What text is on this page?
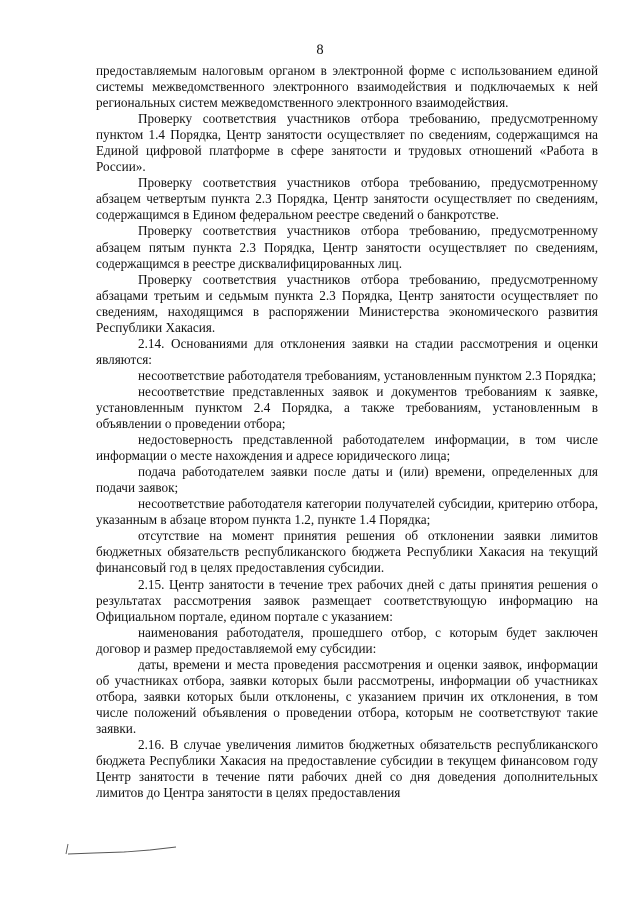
8

предоставляемым налоговым органом в электронной форме с использованием единой системы межведомственного электронного взаимодействия и подключаемых к ней региональных систем межведомственного электронного взаимодействия.

Проверку соответствия участников отбора требованию, предусмотренному пунктом 1.4 Порядка, Центр занятости осуществляет по сведениям, содержащимся на Единой цифровой платформе в сфере занятости и трудовых отношений «Работа в России».

Проверку соответствия участников отбора требованию, предусмотренному абзацем четвертым пункта 2.3 Порядка, Центр занятости осуществляет по сведениям, содержащимся в Едином федеральном реестре сведений о банкротстве.

Проверку соответствия участников отбора требованию, предусмотренному абзацем пятым пункта 2.3 Порядка, Центр занятости осуществляет по сведениям, содержащимся в реестре дисквалифицированных лиц.

Проверку соответствия участников отбора требованию, предусмотренному абзацами третьим и седьмым пункта 2.3 Порядка, Центр занятости осуществляет по сведениям, находящимся в распоряжении Министерства экономического развития Республики Хакасия.

2.14. Основаниями для отклонения заявки на стадии рассмотрения и оценки являются:

несоответствие работодателя требованиям, установленным пунктом 2.3 Порядка;

несоответствие представленных заявок и документов требованиям к заявке, установленным пунктом 2.4 Порядка, а также требованиям, установленным в объявлении о проведении отбора;

недостоверность представленной работодателем информации, в том числе информации о месте нахождения и адресе юридического лица;

подача работодателем заявки после даты и (или) времени, определенных для подачи заявок;

несоответствие работодателя категории получателей субсидии, критерию отбора, указанным в абзаце втором пункта 1.2, пункте 1.4 Порядка;

отсутствие на момент принятия решения об отклонении заявки лимитов бюджетных обязательств республиканского бюджета Республики Хакасия на текущий финансовый год в целях предоставления субсидии.

2.15. Центр занятости в течение трех рабочих дней с даты принятия решения о результатах рассмотрения заявок размещает соответствующую информацию на Официальном портале, едином портале с указанием:

наименования работодателя, прошедшего отбор, с которым будет заключен договор и размер предоставляемой ему субсидии:

даты, времени и места проведения рассмотрения и оценки заявок, информации об участниках отбора, заявки которых были рассмотрены, информации об участниках отбора, заявки которых были отклонены, с указанием причин их отклонения, в том числе положений объявления о проведении отбора, которым не соответствуют такие заявки.

2.16. В случае увеличения лимитов бюджетных обязательств республиканского бюджета Республики Хакасия на предоставление субсидии в текущем финансовом году Центр занятости в течение пяти рабочих дней со дня доведения дополнительных лимитов до Центра занятости в целях предоставления
